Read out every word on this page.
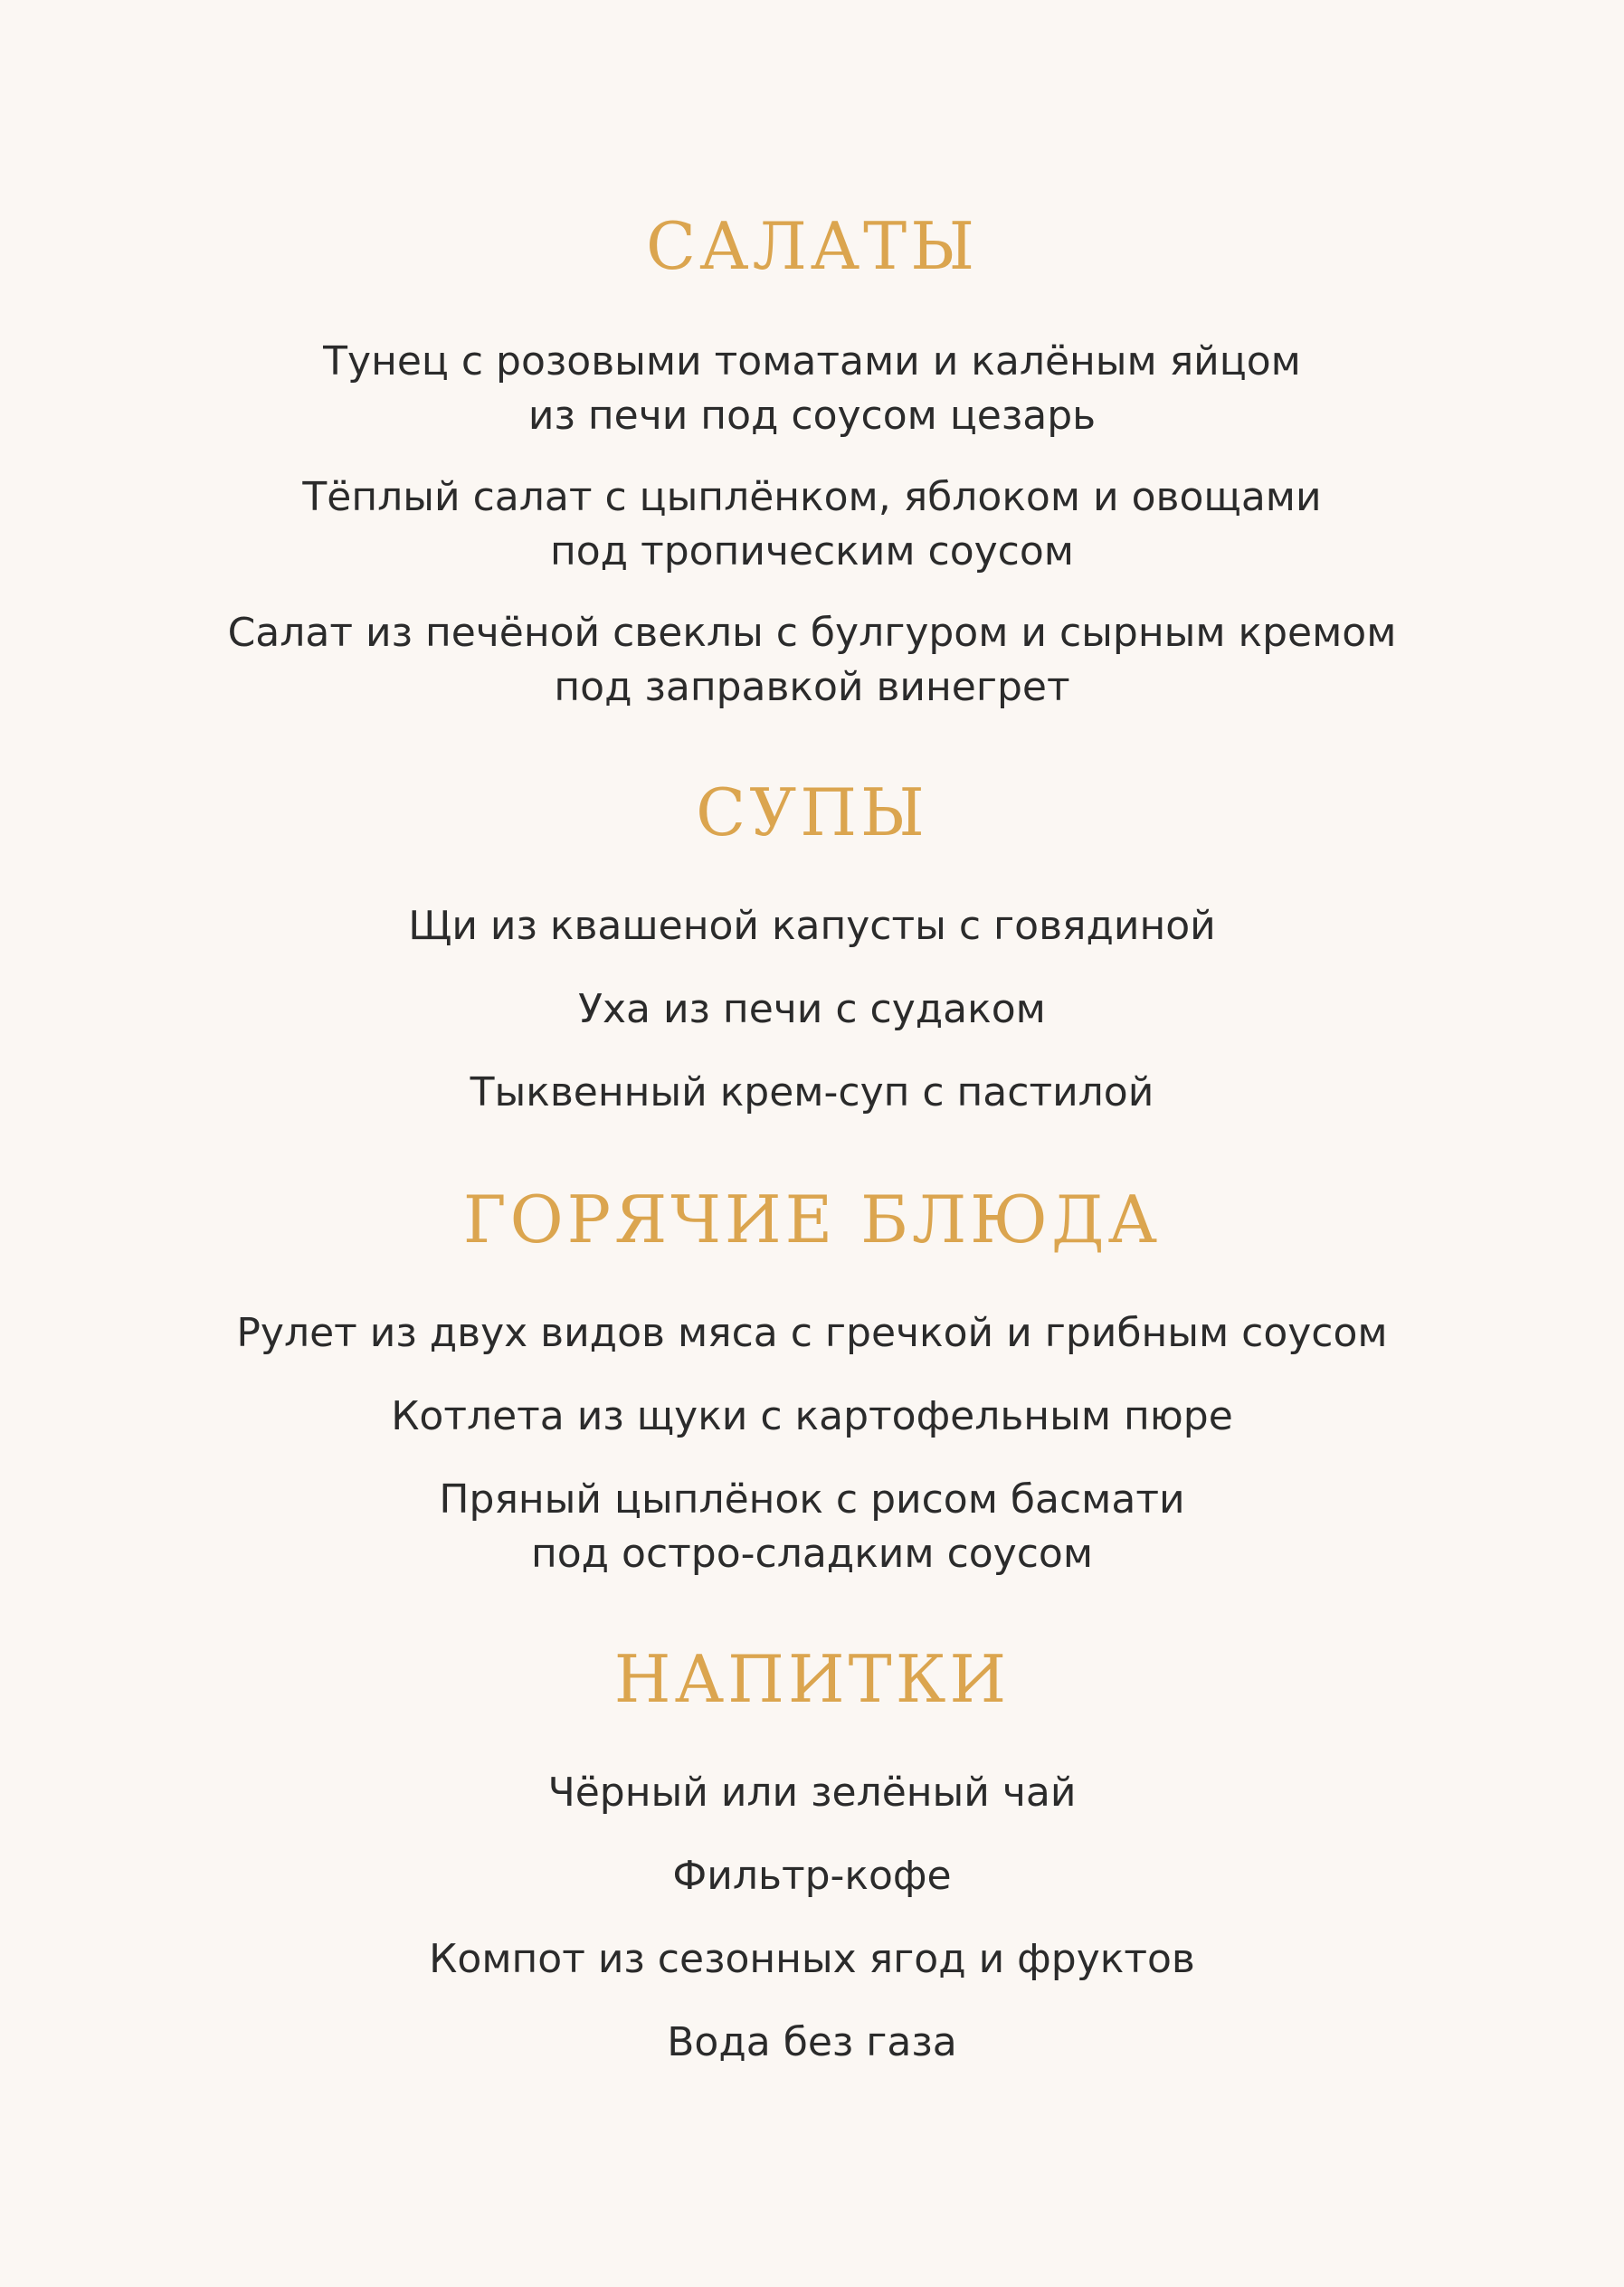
САЛАТЫ
Тунец с розовыми томатами и калёным яйцом
из печи под соусом цезарь
Тёплый салат с цыплёнком, яблоком и овощами
под тропическим соусом
Салат из печёной свеклы с булгуром и сырным кремом
под заправкой винегрет
СУПЫ
Щи из квашеной капусты с говядиной
Уха из печи с судаком
Тыквенный крем-суп с пастилой
ГОРЯЧИЕ БЛЮДА
Рулет из двух видов мяса с гречкой и грибным соусом
Котлета из щуки с картофельным пюре
Пряный цыплёнок с рисом басмати
под остро-сладким соусом
НАПИТКИ
Чёрный или зелёный чай
Фильтр-кофе
Компот из сезонных ягод и фруктов
Вода без газа
